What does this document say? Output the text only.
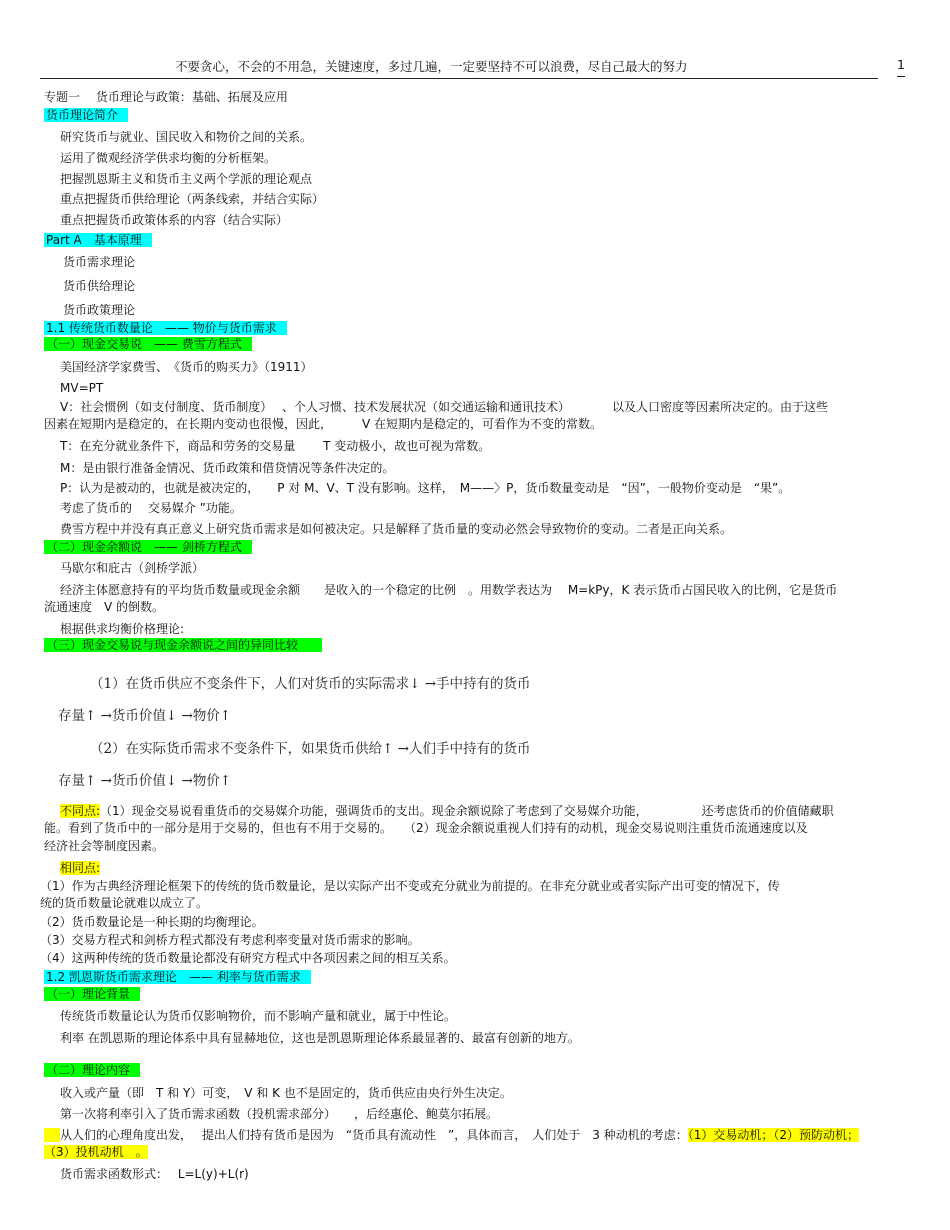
不要贪心，不会的不用急，关键速度，多过几遍，一定要坚持不可以浪费，尽自己最大的努力	1
专题一　 货币理论与政策：基础、拓展及应用
货币理论简介
研究货币与就业、国民收入和物价之间的关系。
运用了微观经济学供求均衡的分析框架。
把握凯恩斯主义和货币主义两个学派的理论观点
重点把握货币供给理论（两条线索，并结合实际）
重点把握货币政策体系的内容（结合实际）
Part A　基本原理
货币需求理论
货币供给理论
货币政策理论
1.1 传统货币数量论　—— 物价与货币需求
（一）现金交易说　—— 费雪方程式
美国经济学家费雪、　《货币的购买力》（1911）
MV=PT
V：社会惯例（如支付制度、货币制度）　 、个人习惯、技术发展状况（如交通运输和通讯技术）　　　　以及人口密度等因素所决定的。由于这些
因素在短期内是稳定的，在长期内变动也很慢，因此，　　　V 在短期内是稳定的，可看作为不变的常数。
T：在充分就业条件下，商品和劳务的交易量　　 T 变动极小，故也可视为常数。
M：是由银行准备金情况、货币政策和借贷情况等条件决定的。
P：认为是被动的，也就是被决定的，　　P 对 M、V、T 没有影响。这样，　M——〉P，货币数量变动是　“因”，一般物价变动是　“果”。
考虑了货币的　 交易媒介 ”功能。
费雪方程中并没有真正意义上研究货币需求是如何被决定。只是解释了货币量的变动必然会导致物价的变动。二者是正向关系。
（二）现金余额说　—— 剑桥方程式
马歇尔和庇古（剑桥学派）
经济主体愿意持有的平均货币数量或现金余额　　是收入的一个稳定的比例　。用数学表达为　 M=kPy，K 表示货币占国民收入的比例，它是货币
流通速度　V 的倒数。
根据供求均衡价格理论:
（三）现金交易说与现金余额说之间的异同比较
（1）在货币供应不变条件下，人们对货币的实际需求↓ →手中持有的货币
存量↑ →货币价值↓ →物价↑
（2）在实际货币需求不变条件下，如果货币供给↑ →人们手中持有的货币
存量↑ →货币价值↓ →物价↑
不同点:（1）现金交易说看重货币的交易媒介功能，强调货币的支出。现金余额说除了考虑到了交易媒介功能，　　　　　还考虑货币的价值储藏职
能。看到了货币中的一部分是用于交易的，但也有不用于交易的。　　（2）现金余额说重视人们持有的动机，现金交易说则注重货币流通速度以及
经济社会等制度因素。
相同点:
（1）作为古典经济理论框架下的传统的货币数量论，是以实际产出不变或充分就业为前提的。在非充分就业或者实际产出可变的情况下，传
统的货币数量论就难以成立了。
（2）货币数量论是一种长期的均衡理论。
（3）交易方程式和剑桥方程式都没有考虑利率变量对货币需求的影响。
（4）这两种传统的货币数量论都没有研究方程式中各项因素之间的相互关系。
1.2 凯恩斯货币需求理论　—— 利率与货币需求
（一）理论背景
传统货币数量论认为货币仅影响物价，而不影响产量和就业，属于中性论。
利率 在凯恩斯的理论体系中具有显赫地位，这也是凯恩斯理论体系最显著的、最富有创新的地方。
（二）理论内容
收入或产量（即　T 和 Y）可变，　V 和 K 也不是固定的，货币供应由央行外生决定。
第一次将利率引入了货币需求函数（投机需求部分）　　，后经惠伦、鲍莫尔拓展。
从人们的心理角度出发，　 提出人们持有货币是因为　“货币具有流动性　”，具体而言，　人们处于　3 种动机的考虑：（1）交易动机；（2）预防动机；
（3）投机动机　。
货币需求函数形式：　 L=L(y)+L(r)
